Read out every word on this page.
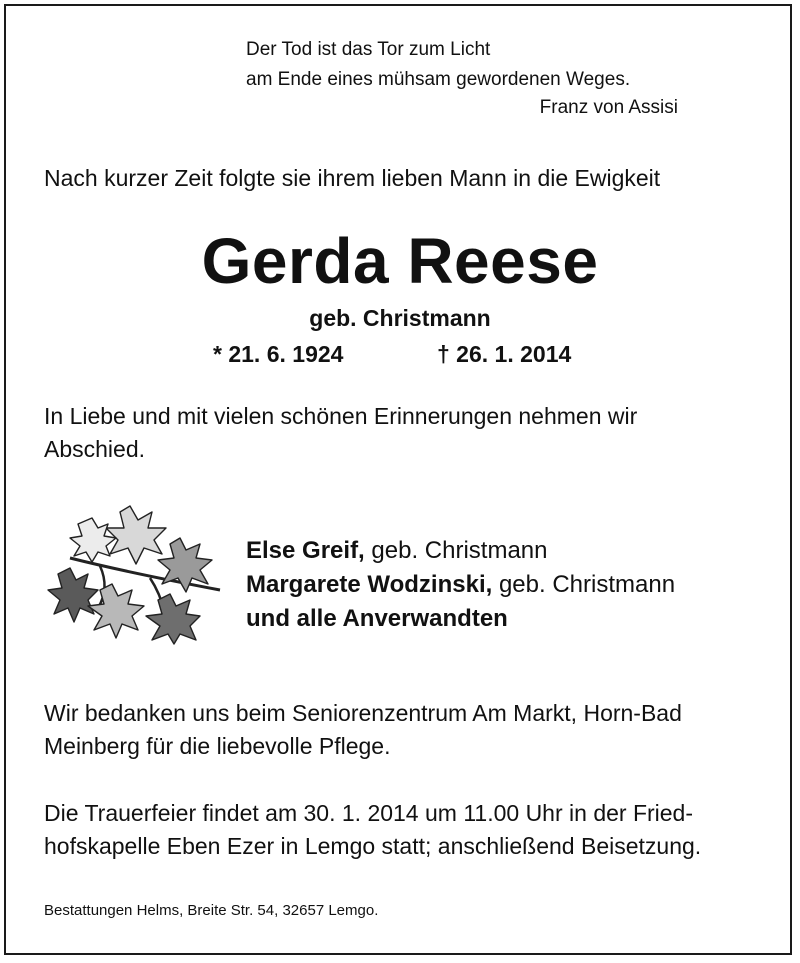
Der Tod ist das Tor zum Licht
am Ende eines mühsam gewordenen Weges.
Franz von Assisi
Nach kurzer Zeit folgte sie ihrem lieben Mann in die Ewigkeit
Gerda Reese
geb. Christmann
* 21. 6. 1924	† 26. 1. 2014
In Liebe und mit vielen schönen Erinnerungen nehmen wir
Abschied.
Else Greif, geb. Christmann
Margarete Wodzinski, geb. Christmann
und alle Anverwandten
Wir bedanken uns beim Seniorenzentrum Am Markt, Horn-Bad
Meinberg für die liebevolle Pflege.
Die Trauerfeier findet am 30. 1. 2014 um 11.00 Uhr in der Fried-
hofskapelle Eben Ezer in Lemgo statt; anschließend Beisetzung.
Bestattungen Helms, Breite Str. 54, 32657 Lemgo.
